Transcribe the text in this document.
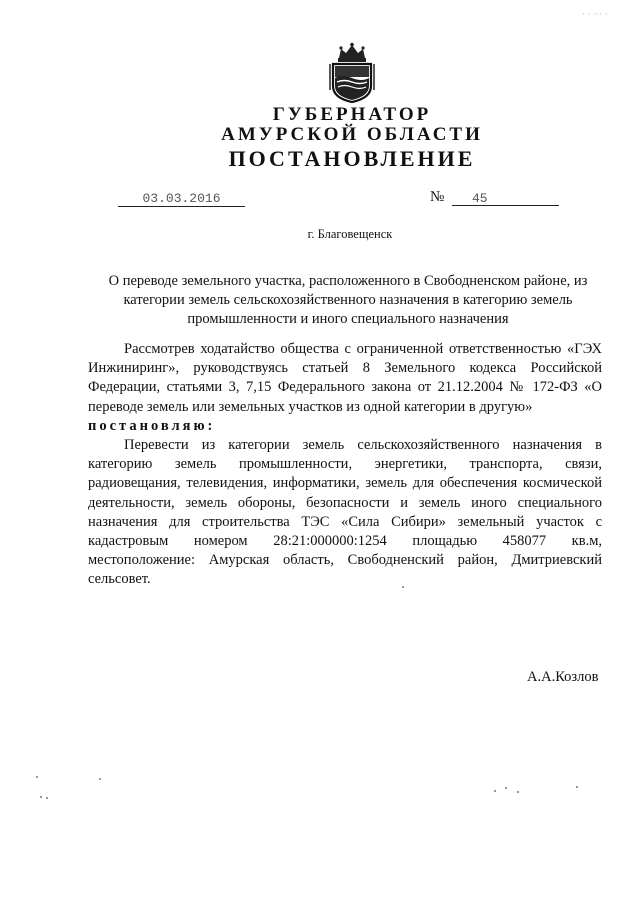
· · ··· ·
ГУБЕРНАТОР
АМУРСКОЙ ОБЛАСТИ
ПОСТАНОВЛЕНИЕ
03.03.2016	№	45
г. Благовещенск
О переводе земельного участка, расположенного в Свободненском районе, из категории земель сельскохозяйственного назначения в категорию земель промышленности и иного специального назначения

Рассмотрев ходатайство общества с ограниченной ответственностью «ГЭХ Инжиниринг», руководствуясь статьей 8 Земельного кодекса Российской Федерации, статьями 3, 7,15 Федерального закона от 21.12.2004 № 172-ФЗ «О переводе земель или земельных участков из одной категории в другую»

постановляю:

Перевести из категории земель сельскохозяйственного назначения в категорию земель промышленности, энергетики, транспорта, связи, радиовещания, телевидения, информатики, земель для обеспечения космической деятельности, земель обороны, безопасности и земель иного специального назначения для строительства ТЭС «Сила Сибири» земельный участок с кадастровым номером 28:21:000000:1254 площадью 458077 кв.м, местоположение: Амурская область, Свободненский район, Дмитриевский сельсовет.

А.А.Козлов
